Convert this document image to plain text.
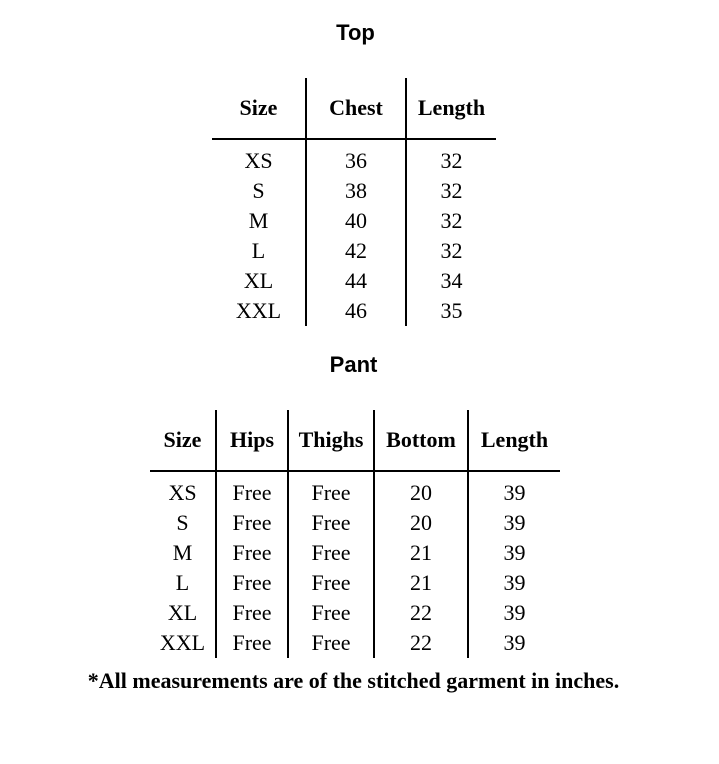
Top
Size	Chest	Length
XS	36	32
S	38	32
M	40	32
L	42	32
XL	44	34
XXL	46	35
Pant
Size	Hips	Thighs	Bottom	Length
XS	Free	Free	20	39
S	Free	Free	20	39
M	Free	Free	21	39
L	Free	Free	21	39
XL	Free	Free	22	39
XXL	Free	Free	22	39
*All measurements are of the stitched garment in inches.
